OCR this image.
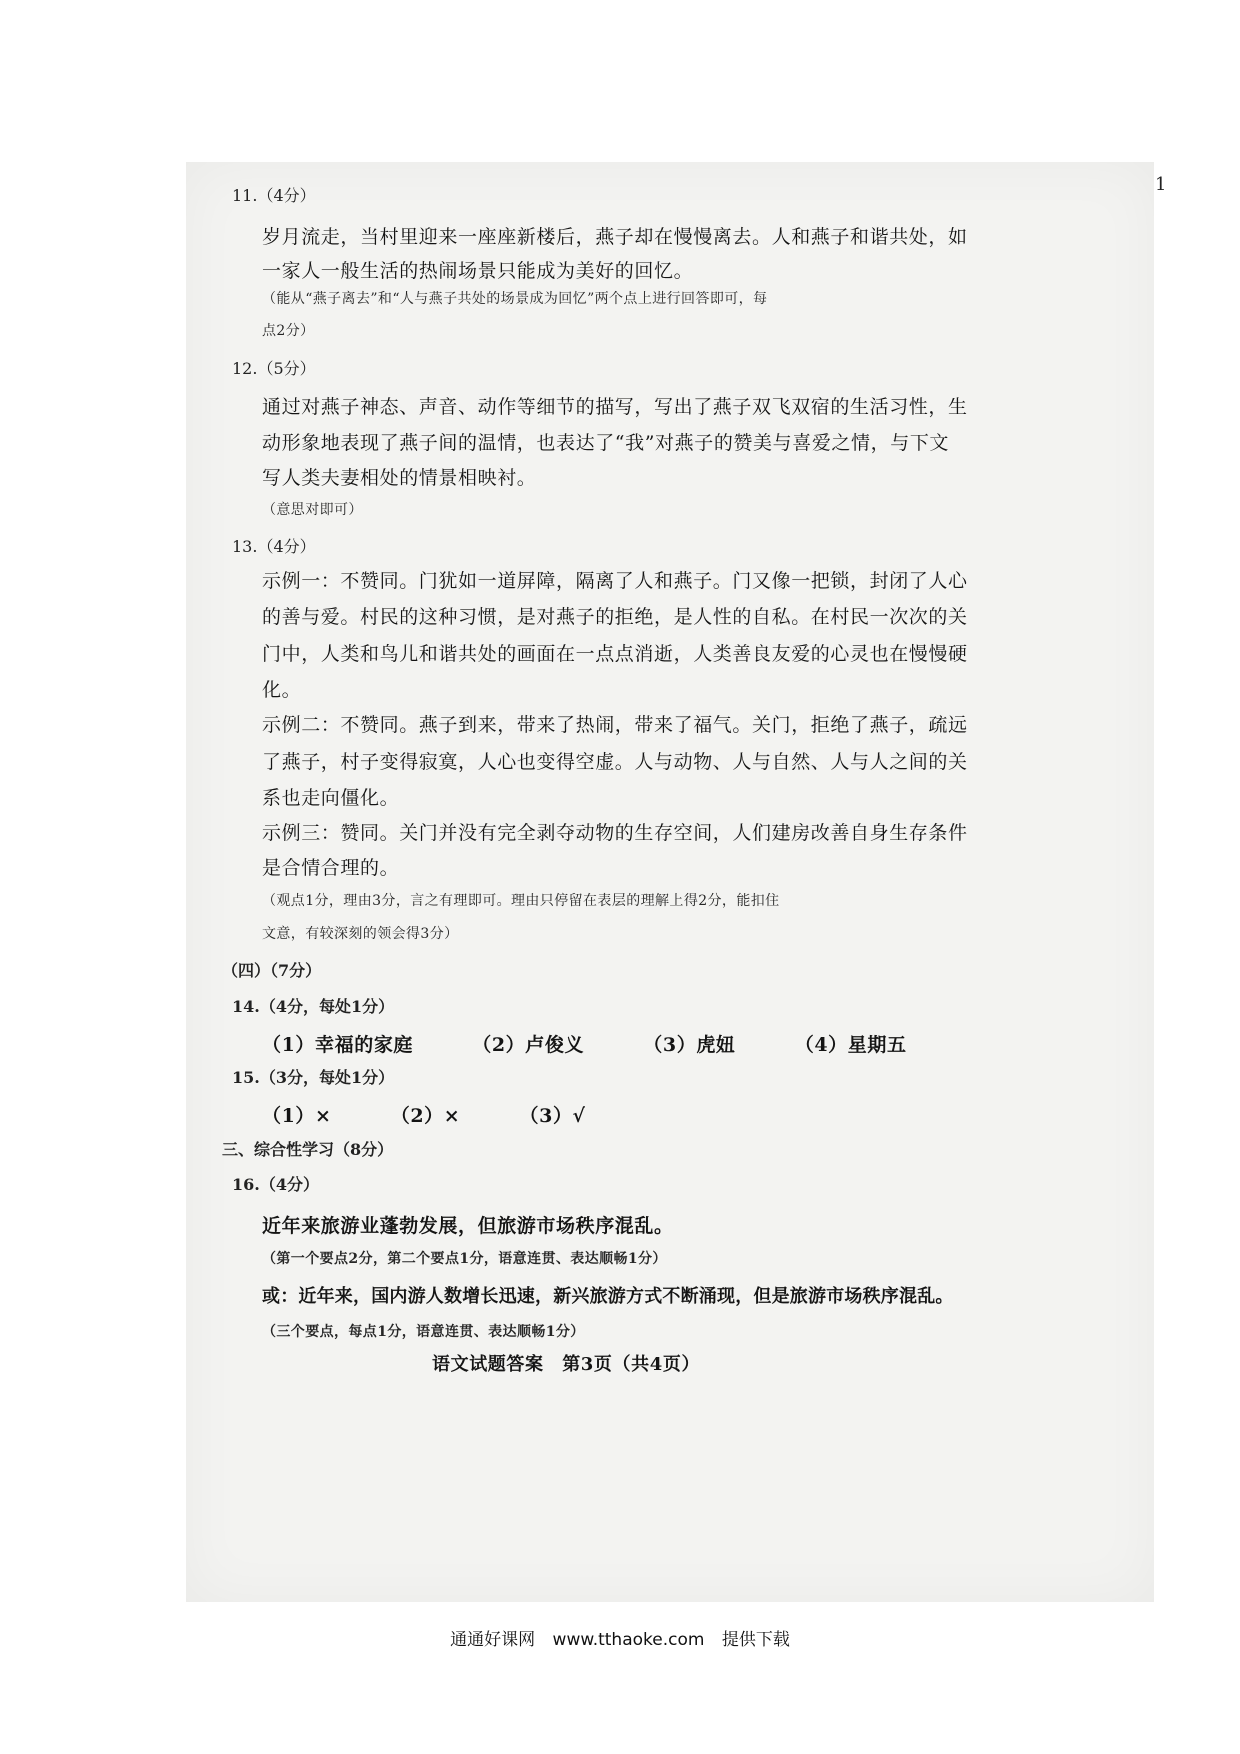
1
11.（4分）
岁月流走，当村里迎来一座座新楼后，燕子却在慢慢离去。人和燕子和谐共处，如
一家人一般生活的热闹场景只能成为美好的回忆。
（能从“燕子离去”和“人与燕子共处的场景成为回忆”两个点上进行回答即可，每
点2分）
12.（5分）
通过对燕子神态、声音、动作等细节的描写，写出了燕子双飞双宿的生活习性，生
动形象地表现了燕子间的温情，也表达了“我”对燕子的赞美与喜爱之情，与下文
写人类夫妻相处的情景相映衬。
（意思对即可）
13.（4分）
示例一：不赞同。门犹如一道屏障，隔离了人和燕子。门又像一把锁，封闭了人心
的善与爱。村民的这种习惯，是对燕子的拒绝，是人性的自私。在村民一次次的关
门中，人类和鸟儿和谐共处的画面在一点点消逝，人类善良友爱的心灵也在慢慢硬
化。
示例二：不赞同。燕子到来，带来了热闹，带来了福气。关门，拒绝了燕子，疏远
了燕子，村子变得寂寞，人心也变得空虚。人与动物、人与自然、人与人之间的关
系也走向僵化。
示例三：赞同。关门并没有完全剥夺动物的生存空间，人们建房改善自身生存条件
是合情合理的。
（观点1分，理由3分，言之有理即可。理由只停留在表层的理解上得2分，能扣住
文意，有较深刻的领会得3分）
（四）（7分）
14.（4分，每处1分）
（1）幸福的家庭	（2）卢俊义	（3）虎妞	（4）星期五
15.（3分，每处1分）
（1）×	（2）×	（3）√
三、综合性学习（8分）
16.（4分）
近年来旅游业蓬勃发展，但旅游市场秩序混乱。
（第一个要点2分，第二个要点1分，语意连贯、表达顺畅1分）
或：近年来，国内游人数增长迅速，新兴旅游方式不断涌现，但是旅游市场秩序混乱。
（三个要点，每点1分，语意连贯、表达顺畅1分）
语文试题答案　第3页（共4页）
通通好课网 www.tthaoke.com 提供下载
